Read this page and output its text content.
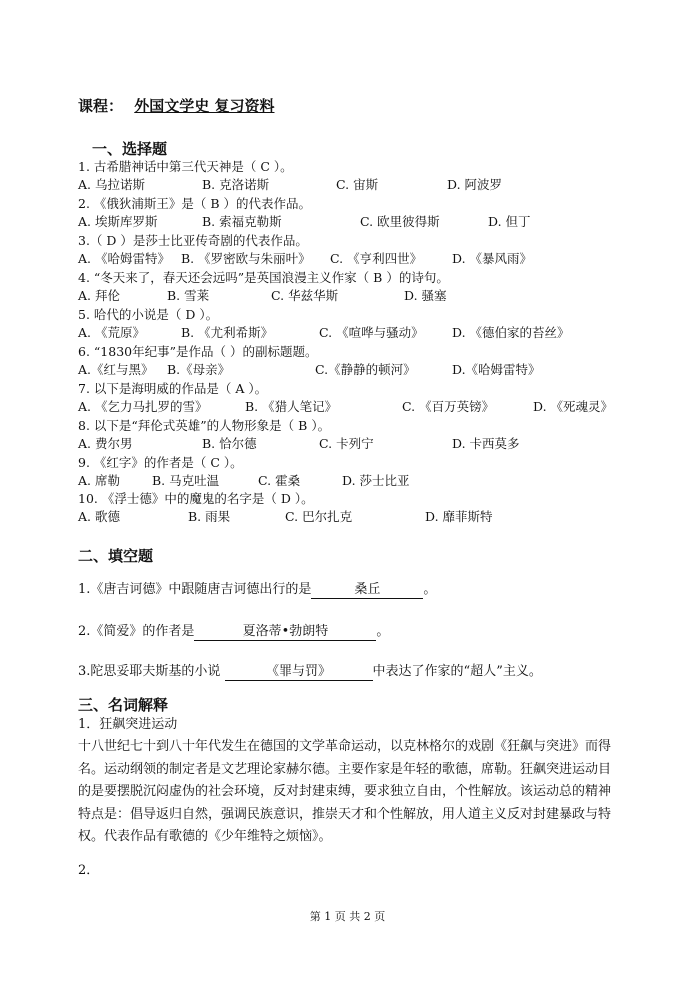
课程： 外国文学史 复习资料
一、选择题
1. 古希腊神话中第三代天神是（ C ）。
A. 乌拉诺斯	B. 克洛诺斯	C. 宙斯	D. 阿波罗
2. 《俄狄浦斯王》是（ B ）的代表作品。
A. 埃斯库罗斯	B. 索福克勒斯	C. 欧里彼得斯	D. 但丁
3.（ D ）是莎士比亚传奇剧的代表作品。
A. 《哈姆雷特》 B. 《罗密欧与朱丽叶》 C. 《亨利四世》 D. 《暴风雨》
4. “冬天来了，春天还会远吗”是英国浪漫主义作家（ B ）的诗句。
A. 拜伦	B. 雪莱	C. 华兹华斯	D. 骚塞
5. 哈代的小说是（ D ）。
A. 《荒原》	B. 《尤利希斯》	C. 《喧哗与骚动》 D. 《德伯家的苔丝》
6. “1830年纪事”是作品（ ）的副标题题。
A.《红与黑》 B.《母亲》	C.《静静的顿河》	D.《哈姆雷特》
7. 以下是海明威的作品是（ A ）。
A. 《乞力马扎罗的雪》	B. 《猎人笔记》	C. 《百万英镑》	D. 《死魂灵》
8. 以下是“拜伦式英雄”的人物形象是（ B ）。
A. 费尔男	B. 恰尔德	C. 卡列宁	D. 卡西莫多
9. 《红字》的作者是（ C ）。
A. 席勒	B. 马克吐温	C. 霍桑	D. 莎士比亚
10. 《浮士德》中的魔鬼的名字是（ D ）。
A. 歌德	B. 雨果	C. 巴尔扎克	D. 靡菲斯特
二、填空题
1.《唐吉诃德》中跟随唐吉诃德出行的是	桑丘	。
2.《简爱》的作者是	夏洛蒂•勃朗特	。
3.陀思妥耶夫斯基的小说	《罪与罚》	中表达了作家的“超人”主义。
三、名词解释
1．狂飙突进运动
十八世纪七十到八十年代发生在德国的文学革命运动，以克林格尔的戏剧《狂飙与突进》而得名。运动纲领的制定者是文艺理论家赫尔德。主要作家是年轻的歌德，席勒。狂飙突进运动目的是要摆脱沉闷虚伪的社会环境，反对封建束缚，要求独立自由，个性解放。该运动总的精神特点是：倡导返归自然，强调民族意识，推崇天才和个性解放，用人道主义反对封建暴政与特权。代表作品有歌德的《少年维特之烦恼》。
2．
第 1 页 共 2 页
